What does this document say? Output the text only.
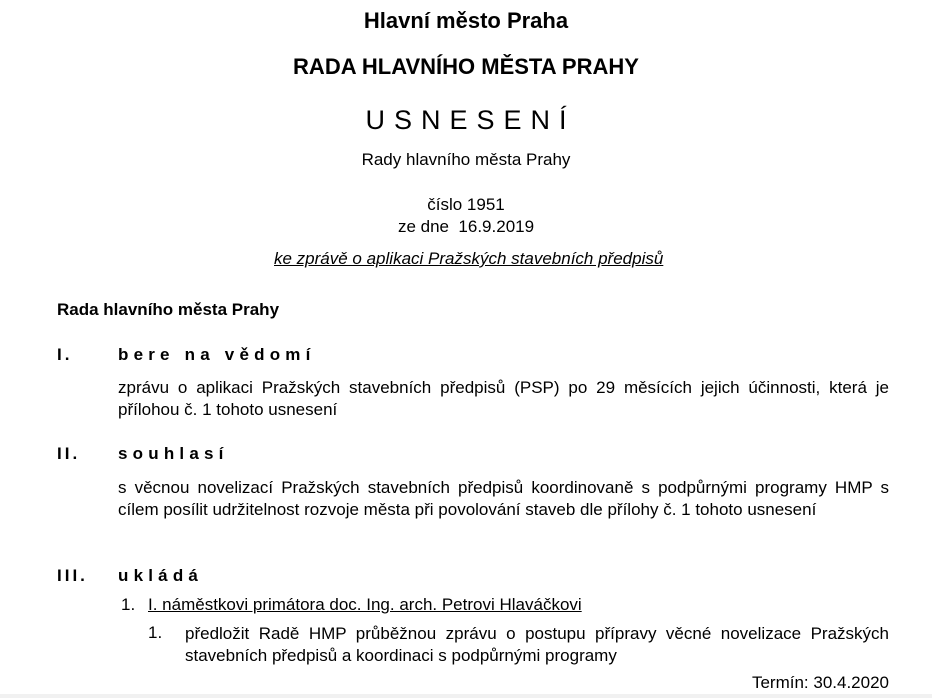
Hlavní město Praha
RADA HLAVNÍHO MĚSTA PRAHY
USNESENÍ
Rady hlavního města Prahy
číslo 1951
ze dne  16.9.2019
ke zprávě o aplikaci Pražských stavebních předpisů
Rada hlavního města Prahy
I.	bere na vědomí
zprávu o aplikaci Pražských stavebních předpisů (PSP) po 29 měsících jejich účinnosti, která je přílohou č. 1 tohoto usnesení
II. souhlasí
s věcnou novelizací Pražských stavebních předpisů koordinovaně s podpůrnými programy HMP s cílem posílit udržitelnost rozvoje města při povolování staveb dle přílohy č. 1 tohoto usnesení
III. ukládá
1. I. náměstkovi primátora doc. Ing. arch. Petrovi Hlaváčkovi
1. předložit Radě HMP průběžnou zprávu o postupu přípravy věcné novelizace Pražských stavebních předpisů a koordinaci s podpůrnými programy
Termín: 30.4.2020
